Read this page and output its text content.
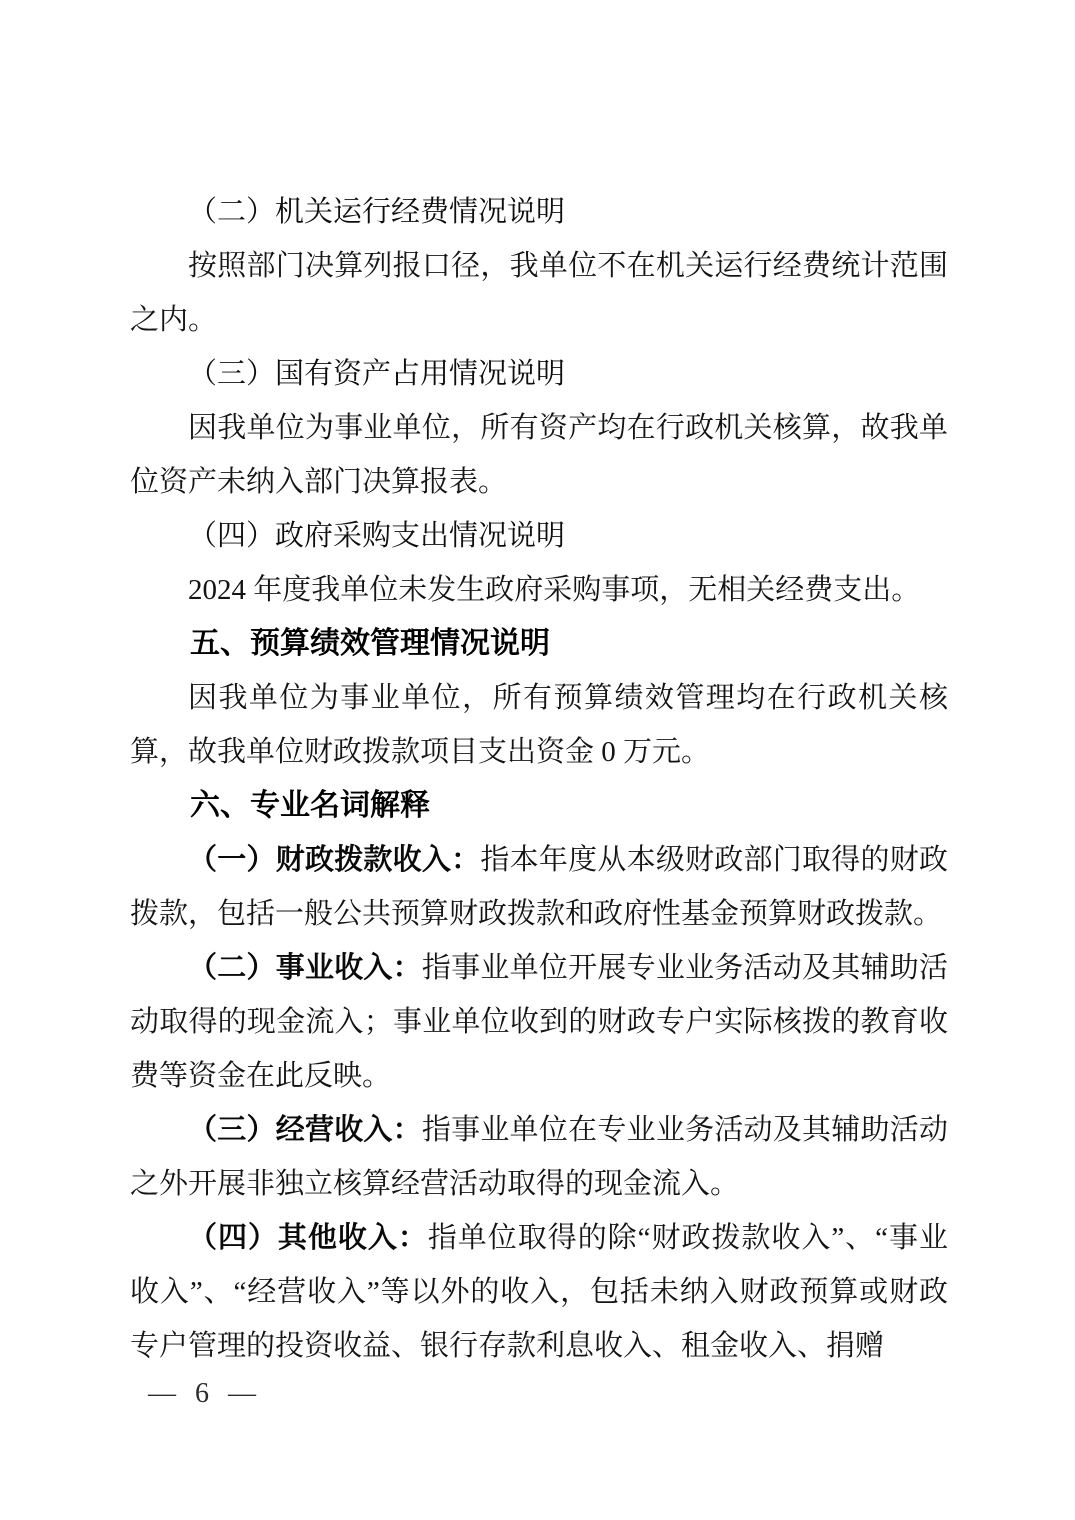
（二）机关运行经费情况说明

按照部门决算列报口径，我单位不在机关运行经费统计范围之内。

（三）国有资产占用情况说明

因我单位为事业单位，所有资产均在行政机关核算，故我单位资产未纳入部门决算报表。

（四）政府采购支出情况说明

2024 年度我单位未发生政府采购事项，无相关经费支出。

五、预算绩效管理情况说明

因我单位为事业单位，所有预算绩效管理均在行政机关核算，故我单位财政拨款项目支出资金 0 万元。

六、专业名词解释

（一）财政拨款收入：指本年度从本级财政部门取得的财政拨款，包括一般公共预算财政拨款和政府性基金预算财政拨款。

（二）事业收入：指事业单位开展专业业务活动及其辅助活动取得的现金流入；事业单位收到的财政专户实际核拨的教育收费等资金在此反映。

（三）经营收入：指事业单位在专业业务活动及其辅助活动之外开展非独立核算经营活动取得的现金流入。

（四）其他收入：指单位取得的除“财政拨款收入”、“事业收入”、“经营收入”等以外的收入，包括未纳入财政预算或财政专户管理的投资收益、银行存款利息收入、租金收入、捐赠

— 6 —
